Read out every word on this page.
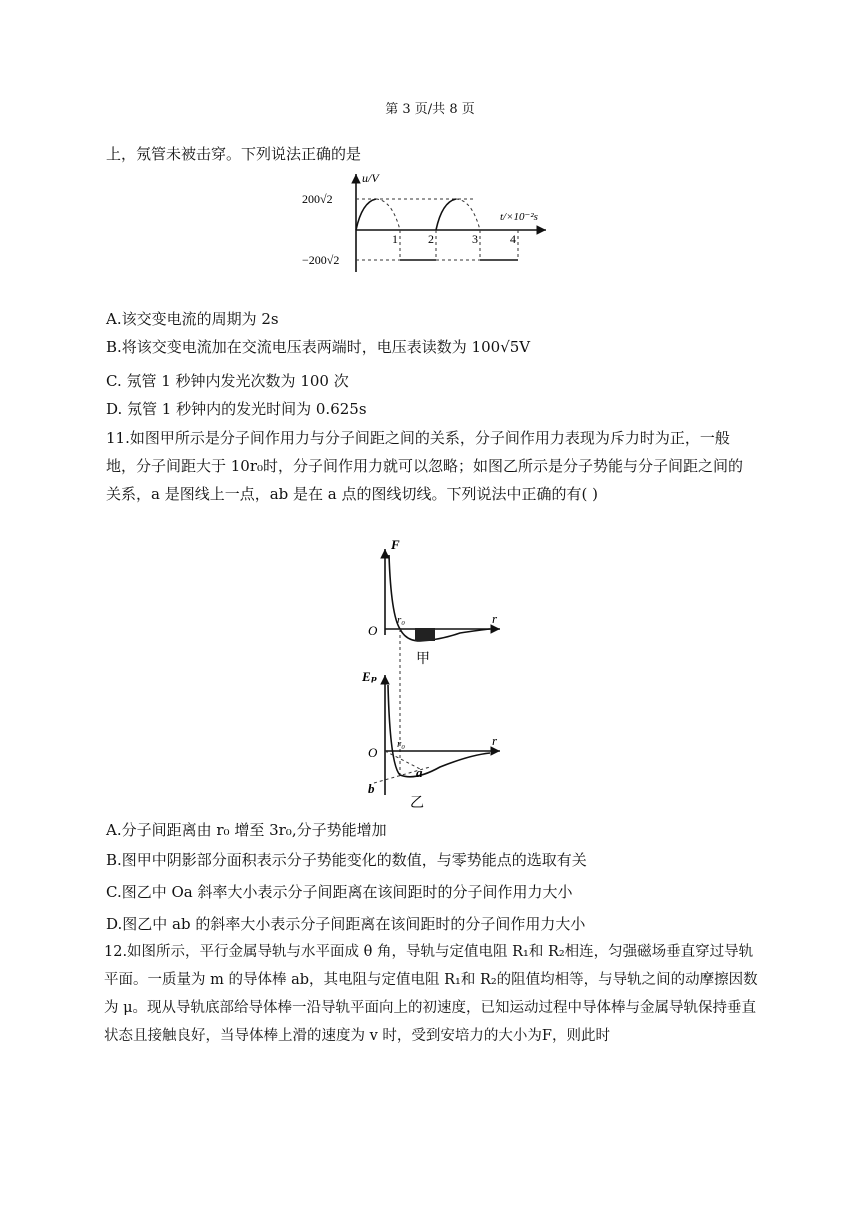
第 3 页/共 8 页
上，氖管未被击穿。下列说法正确的是
u/V
t/×10⁻²s
200√2
−200√2
1	2	3	4
A.该交变电流的周期为 2s
B.将该交变电流加在交流电压表两端时，电压表读数为 100√5V
C. 氖管 1 秒钟内发光次数为 100 次
D. 氖管 1 秒钟内的发光时间为 0.625s
11.如图甲所示是分子间作用力与分子间距之间的关系，分子间作用力表现为斥力时为正，一般地，分子间距大于 10r₀时，分子间作用力就可以忽略；如图乙所示是分子势能与分子间距之间的关系，a 是图线上一点，ab 是在 a 点的图线切线。下列说法中正确的有( )
F
O
r₀	r
甲
Eₚ
O
r₀	r
a
b
乙
A.分子间距离由 r₀ 增至 3r₀,分子势能增加
B.图甲中阴影部分面积表示分子势能变化的数值，与零势能点的选取有关
C.图乙中 Oa 斜率大小表示分子间距离在该间距时的分子间作用力大小
D.图乙中 ab 的斜率大小表示分子间距离在该间距时的分子间作用力大小
12.如图所示，平行金属导轨与水平面成 θ 角，导轨与定值电阻 R₁和 R₂相连，匀强磁场垂直穿过导轨平面。一质量为 m 的导体棒 ab，其电阻与定值电阻 R₁和 R₂的阻值均相等，与导轨之间的动摩擦因数为 μ。现从导轨底部给导体棒一沿导轨平面向上的初速度，已知运动过程中导体棒与金属导轨保持垂直状态且接触良好，当导体棒上滑的速度为 v 时，受到安培力的大小为F，则此时
